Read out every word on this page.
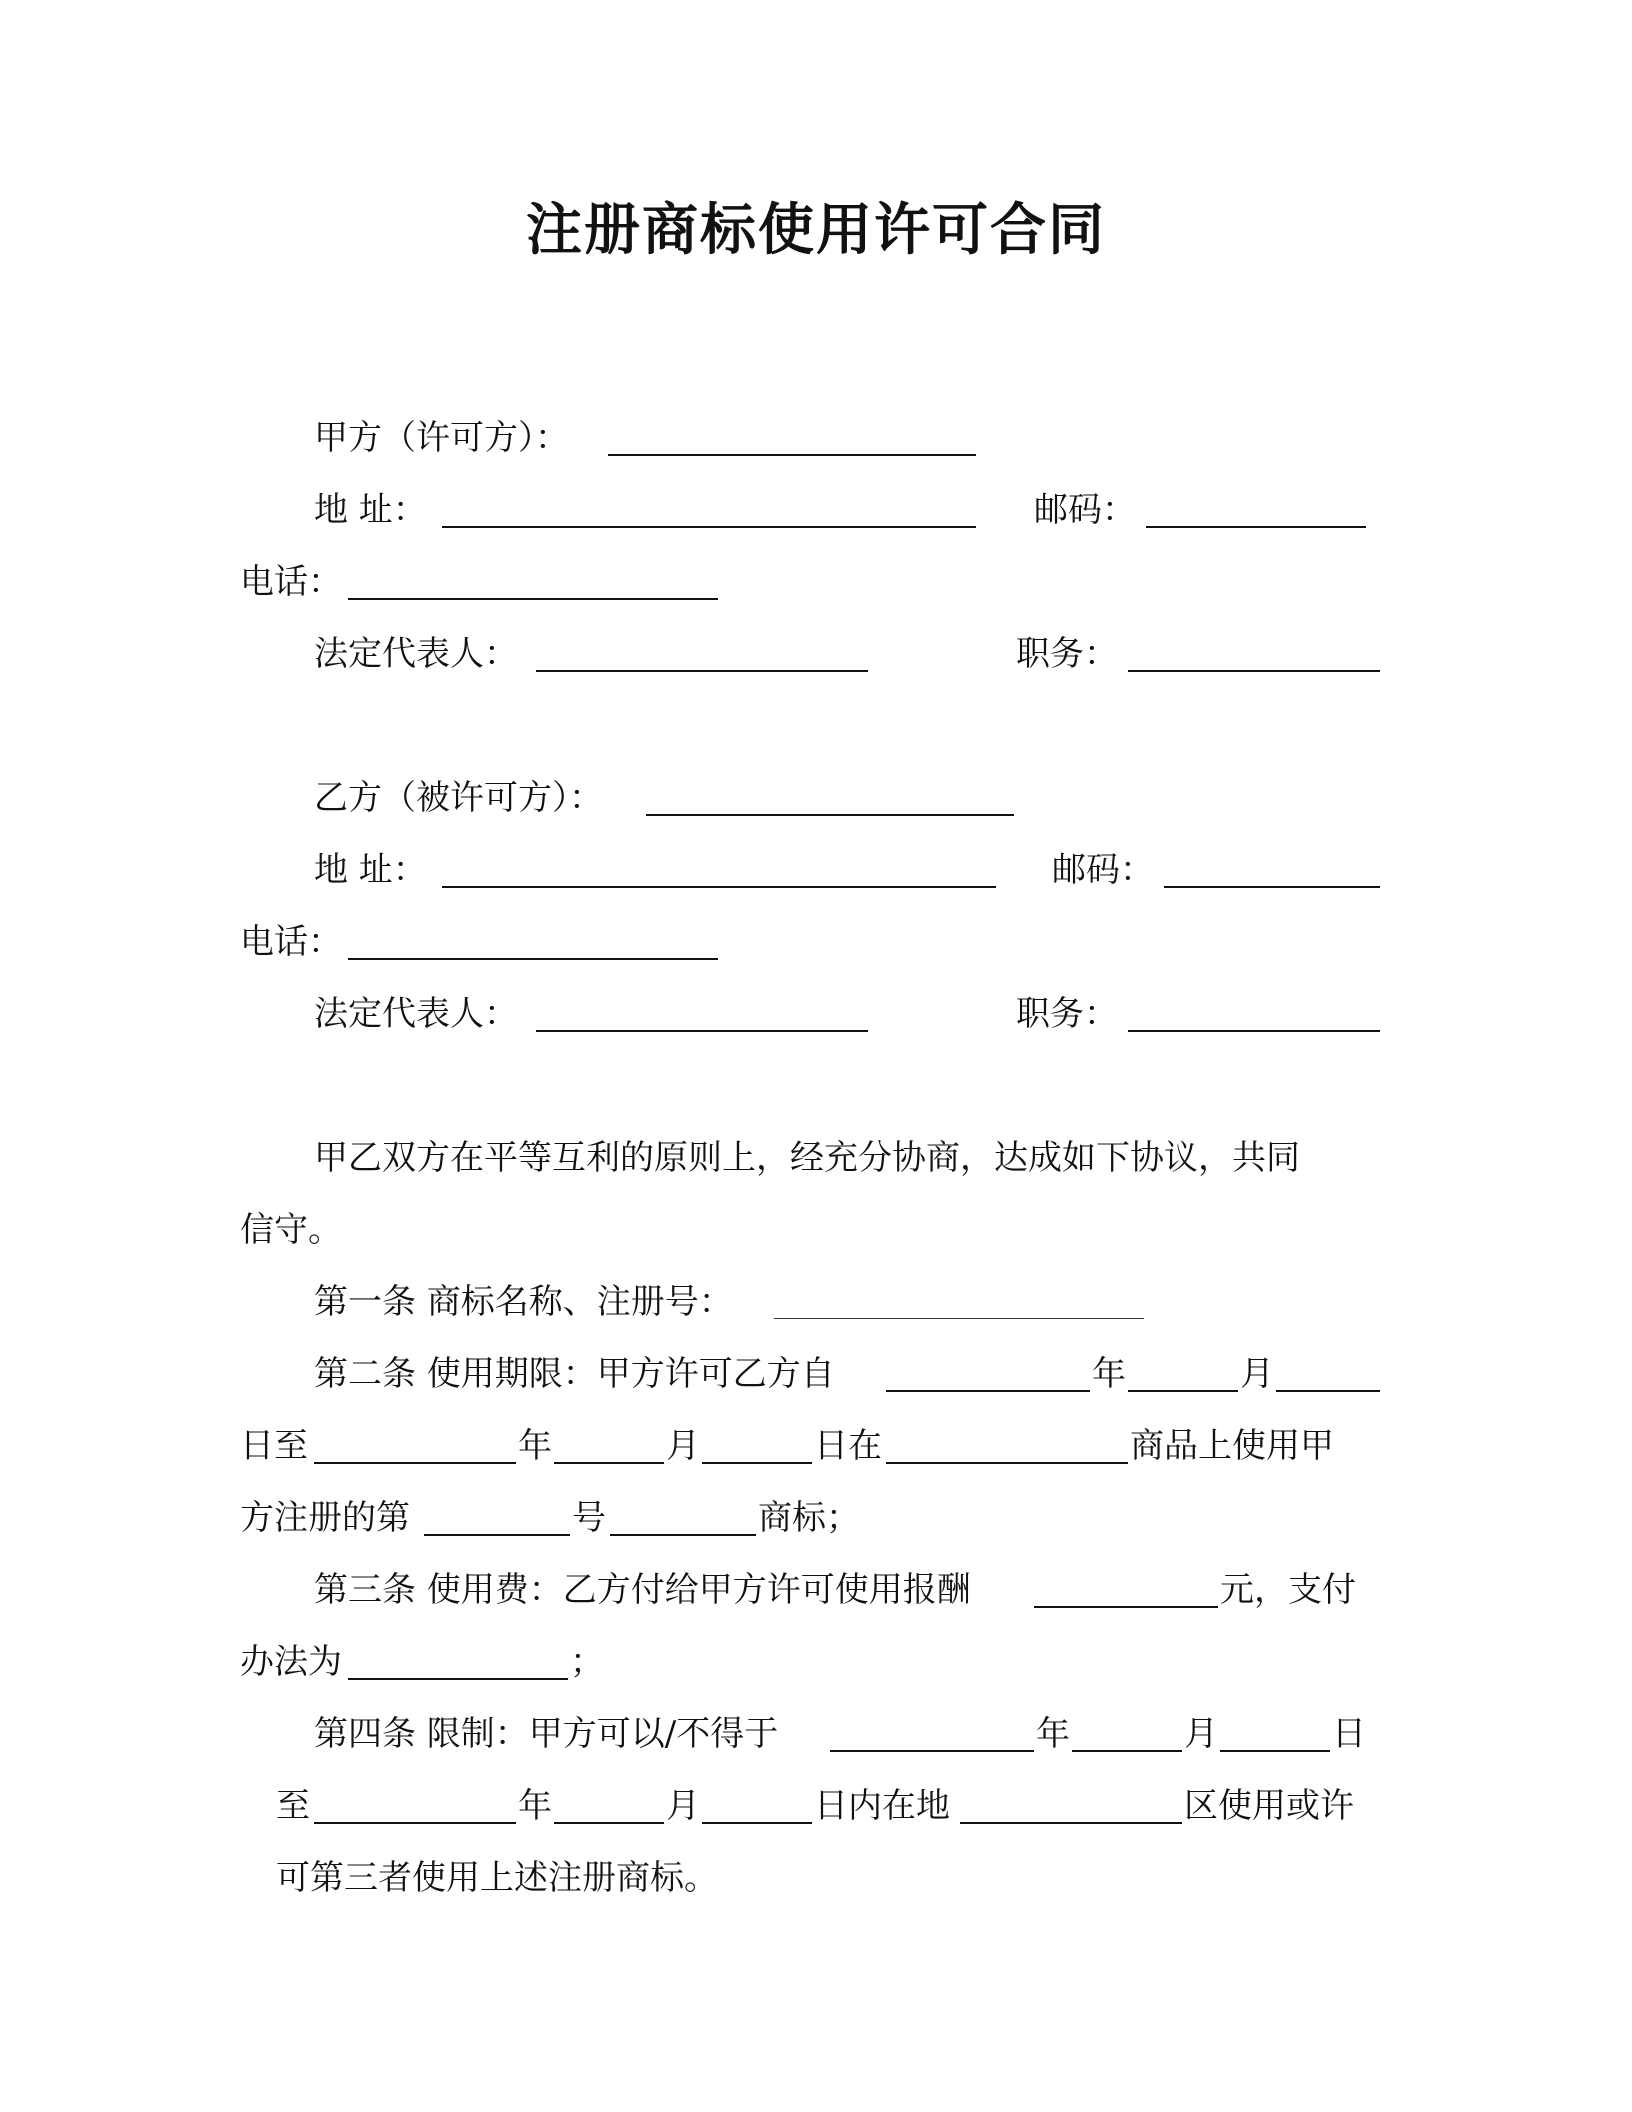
注册商标使用许可合同
甲方（许可方）：
地 址：	邮码：
电话：
法定代表人：	职务：
乙方（被许可方）：
地 址：	邮码：
电话：
法定代表人：	职务：
甲乙双方在平等互利的原则上，经充分协商，达成如下协议，共同
信守。
第一条 商标名称、注册号：
第二条 使用期限：甲方许可乙方自	年	月
日至	年	月	日在	商品上使用甲
方注册的第	号	商标；
第三条 使用费：乙方付给甲方许可使用报酬	元，支付
办法为	；
第四条 限制：甲方可以/不得于	年	月	日
至	年	月	日内在地	区使用或许
可第三者使用上述注册商标。
